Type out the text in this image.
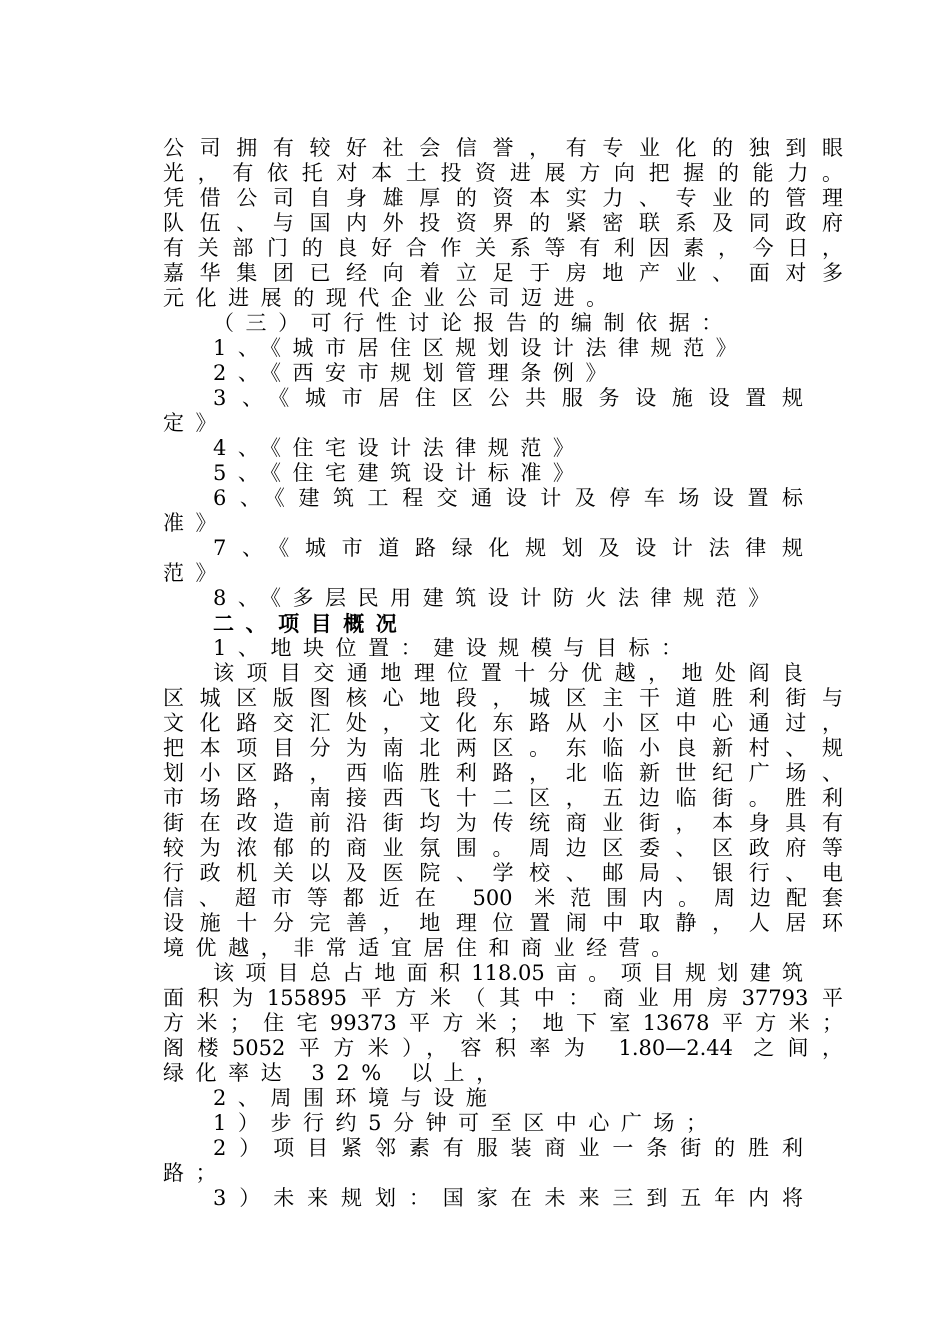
公司拥有较好社会信誉，有专业化的独到眼
光，有依托对本土投资进展方向把握的能力。
凭借公司自身雄厚的资本实力、专业的管理
队伍、与国内外投资界的紧密联系及同政府
有关部门的良好合作关系等有利因素，今日，
嘉华集团已经向着立足于房地产业、面对多
元化进展的现代企业公司迈进。
（三）可行性讨论报告的编制依据：
1、《城市居住区规划设计法律规范》
2、《西安市规划管理条例》
3、《城市居住区公共服务设施设置规
定》
4、《住宅设计法律规范》
5、《住宅建筑设计标准》
6、《建筑工程交通设计及停车场设置标
准》
7、《城市道路绿化规划及设计法律规
范》
8、《多层民用建筑设计防火法律规范》
二、项目概况
1、地块位置：建设规模与目标：
该项目交通地理位置十分优越，地处阎良
区城区版图核心地段，城区主干道胜利街与
文化路交汇处，文化东路从小区中心通过，
把本项目分为南北两区。东临小良新村、规
划小区路，西临胜利路，北临新世纪广场、
市场路，南接西飞十二区，五边临街。胜利
街在改造前沿街均为传统商业街，本身具有
较为浓郁的商业氛围。周边区委、区政府等
行政机关以及医院、学校、邮局、银行、电
信、超市等都近在 500 米范围内。周边配套
设施十分完善，地理位置闹中取静，人居环
境优越，非常适宜居住和商业经营。
该项目总占地面积118.05亩。项目规划建筑
面积为155895平方米（其中：商业用房37793平
方米；住宅99373平方米；地下室13678平方米；
阁楼5052平方米），容积率为 1.80—2.44 之间，
绿化率达 32% 以上，
2、周围环境与设施
1）步行约5分钟可至区中心广场；
2）项目紧邻素有服装商业一条街的胜利
路；
3）未来规划：国家在未来三到五年内将
